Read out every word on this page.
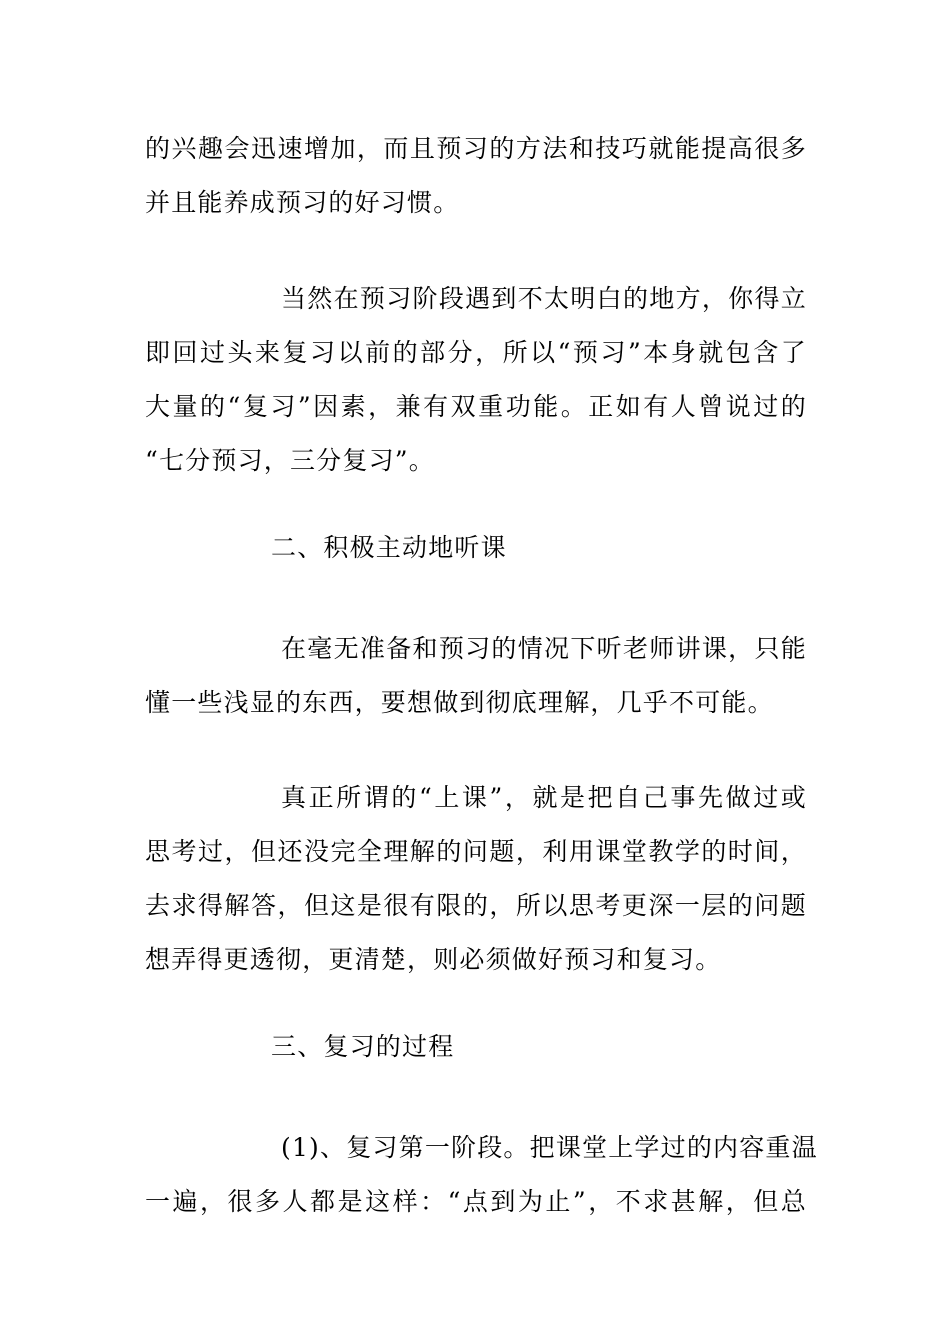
的兴趣会迅速增加，而且预习的方法和技巧就能提高很多
并且能养成预习的好习惯。
当然在预习阶段遇到不太明白的地方，你得立
即回过头来复习以前的部分，所以“预习”本身就包含了
大量的“复习”因素，兼有双重功能。正如有人曾说过的
“七分预习，三分复习”。
二、积极主动地听课
在毫无准备和预习的情况下听老师讲课，只能
懂一些浅显的东西，要想做到彻底理解，几乎不可能。
真正所谓的“上课”，就是把自己事先做过或
思考过，但还没完全理解的问题，利用课堂教学的时间，
去求得解答，但这是很有限的，所以思考更深一层的问题
想弄得更透彻，更清楚，则必须做好预习和复习。
三、复习的过程
(1)、复习第一阶段。把课堂上学过的内容重温
一遍，很多人都是这样：“点到为止”，不求甚解，但总
